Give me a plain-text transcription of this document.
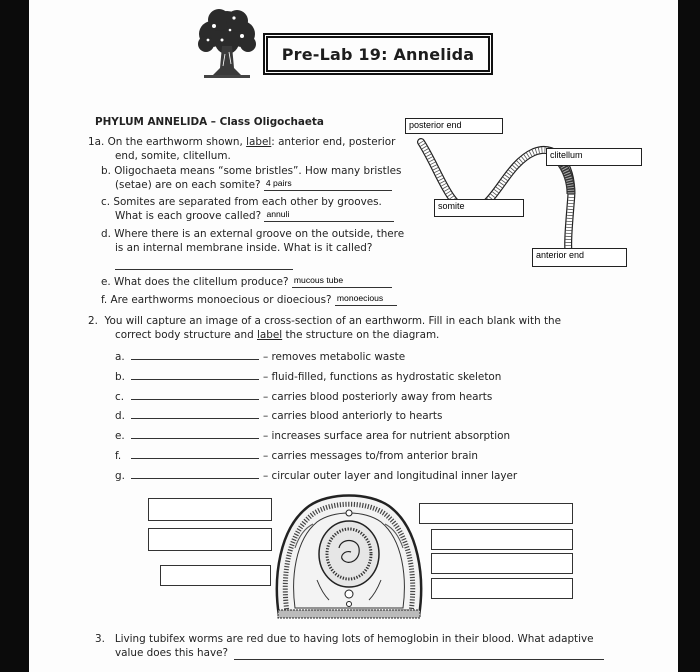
Pre-Lab 19: Annelida
PHYLUM ANNELIDA – Class Oligochaeta
1a. On the earthworm shown, label: anterior end, posterior
end, somite, clitellum.
b. Oligochaeta means “some bristles”. How many bristles
(setae) are on each somite? 4 pairs
c. Somites are separated from each other by grooves.
What is each groove called? annuli
d. Where there is an external groove on the outside, there
is an internal membrane inside. What is it called?
e. What does the clitellum produce? mucous tube
f. Are earthworms monoecious or dioecious? monoecious
posterior end
clitellum
somite
anterior end
2. You will capture an image of a cross-section of an earthworm. Fill in each blank with the
correct body structure and label the structure on the diagram.
a.	– removes metabolic waste
b.	– fluid-filled, functions as hydrostatic skeleton
c.	– carries blood posteriorly away from hearts
d.	– carries blood anteriorly to hearts
e.	– increases surface area for nutrient absorption
f.	– carries messages to/from anterior brain
g.	– circular outer layer and longitudinal inner layer
3. Living tubifex worms are red due to having lots of hemoglobin in their blood. What adaptive
value does this have?
